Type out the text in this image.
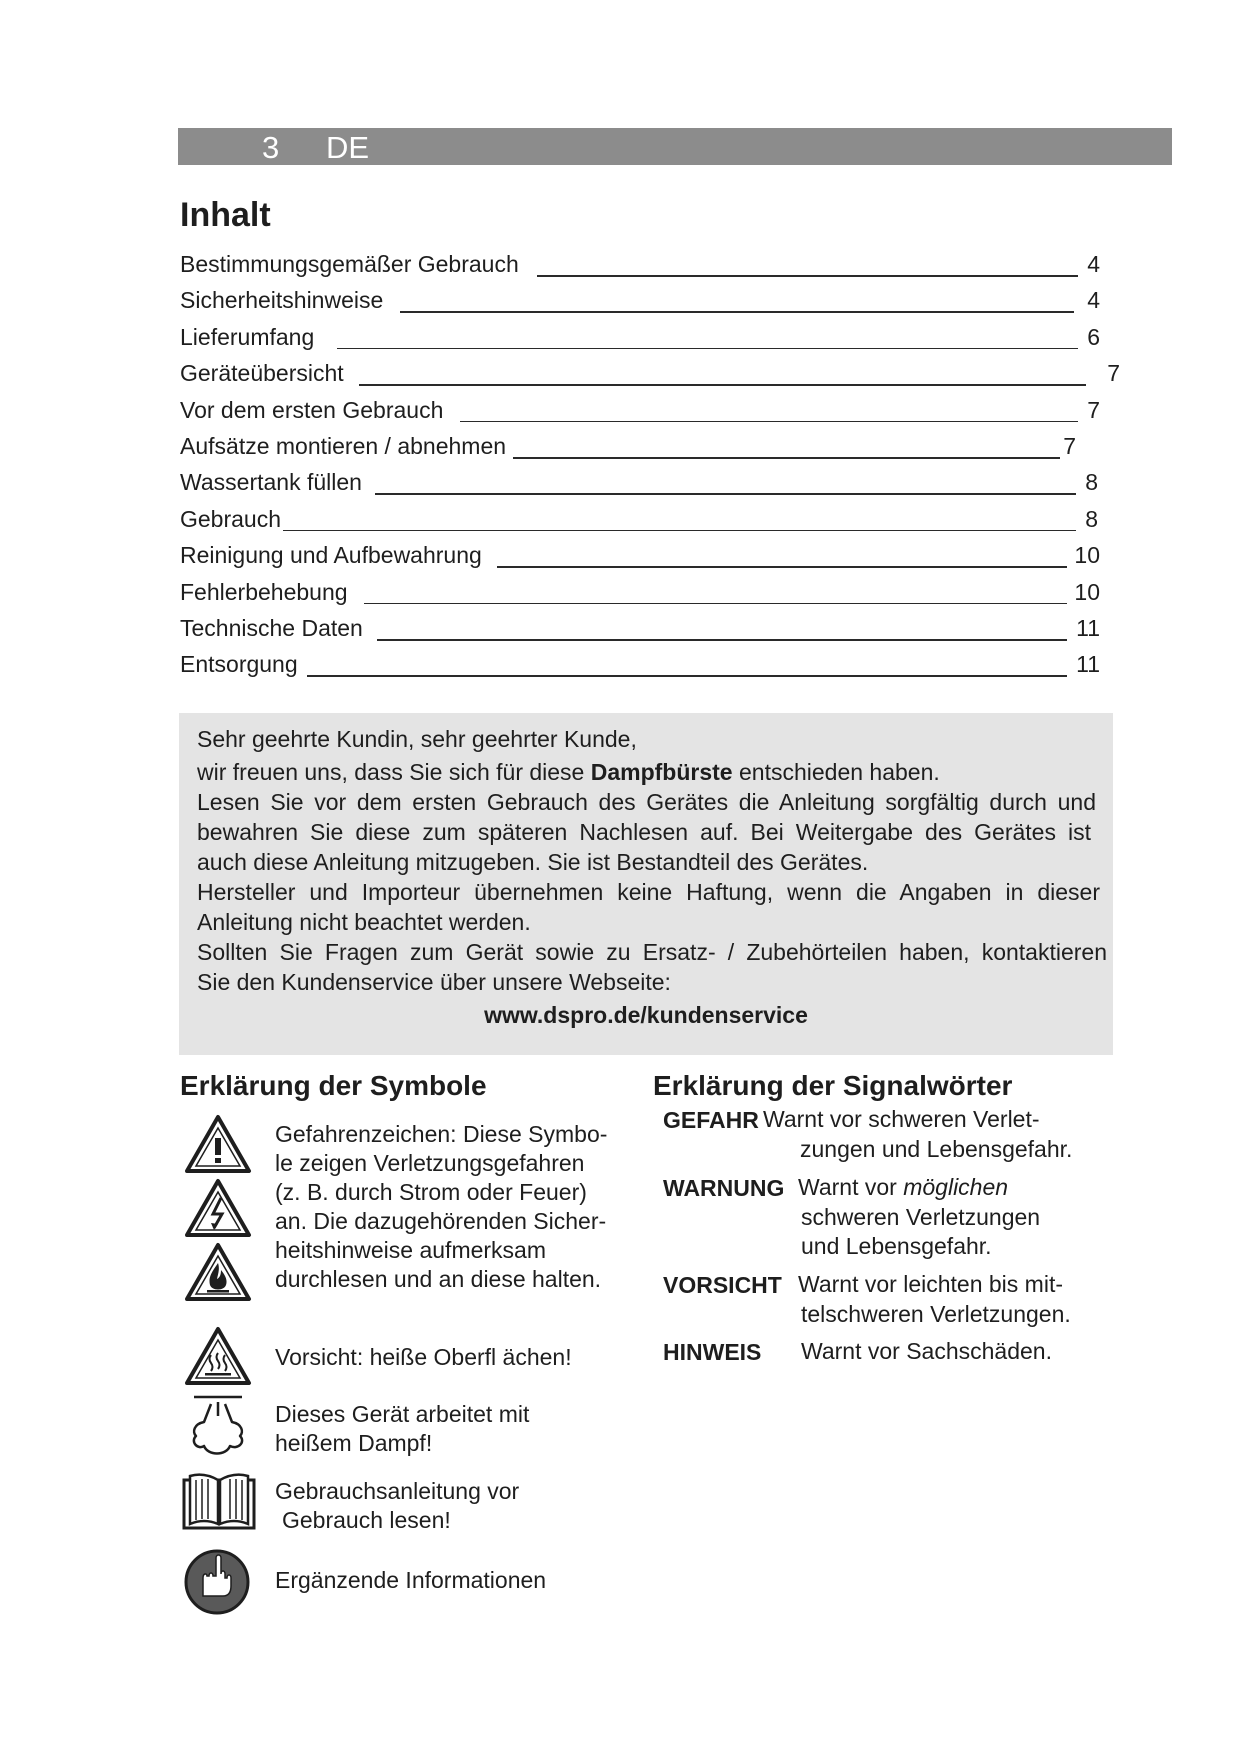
3 DE
Inhalt
Bestimmungsgemäßer Gebrauch	4
Sicherheitshinweise	4
Lieferumfang	6
Geräteübersicht	7
Vor dem ersten Gebrauch	7
Aufsätze montieren / abnehmen	7
Wassertank füllen	8
Gebrauch	8
Reinigung und Aufbewahrung	10
Fehlerbehebung	10
Technische Daten	11
Entsorgung	11
Sehr geehrte Kundin, sehr geehrter Kunde,
wir freuen uns, dass Sie sich für diese Dampfbürste entschieden haben.
Lesen Sie vor dem ersten Gebrauch des Gerätes die Anleitung sorgfältig durch und
bewahren Sie diese zum späteren Nachlesen auf. Bei Weitergabe des Gerätes ist
auch diese Anleitung mitzugeben. Sie ist Bestandteil des Gerätes.
Hersteller und Importeur übernehmen keine Haftung, wenn die Angaben in dieser
Anleitung nicht beachtet werden.
Sollten Sie Fragen zum Gerät sowie zu Ersatz- / Zubehörteilen haben, kontaktieren
Sie den Kundenservice über unsere Webseite:
www.dspro.de/kundenservice
Erklärung der Symbole
Gefahrenzeichen: Diese Symbo-
le zeigen Verletzungsgefahren
(z. B. durch Strom oder Feuer)
an. Die dazugehörenden Sicher-
heitshinweise aufmerksam
durchlesen und an diese halten.
Vorsicht: heiße Oberfl ächen!
Dieses Gerät arbeitet mit
heißem Dampf!
Gebrauchsanleitung vor
Gebrauch lesen!
Ergänzende Informationen
Erklärung der Signalwörter
GEFAHR Warnt vor schweren Verlet-
zungen und Lebensgefahr.
WARNUNG Warnt vor möglichen
schweren Verletzungen
und Lebensgefahr.
VORSICHT Warnt vor leichten bis mit-
telschweren Verletzungen.
HINWEIS Warnt vor Sachschäden.
